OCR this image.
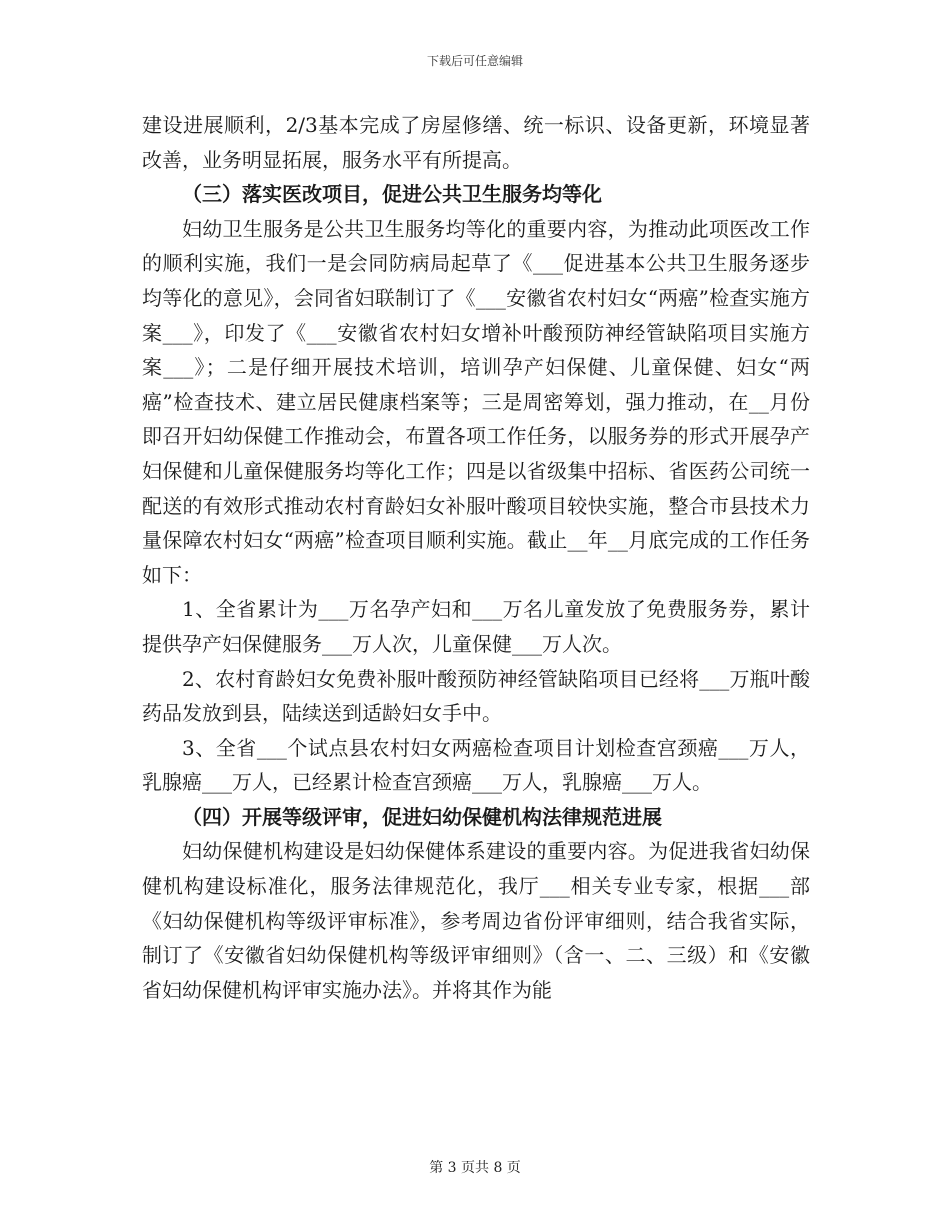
下载后可任意编辑

建设进展顺利，2/3基本完成了房屋修缮、统一标识、设备更新，环境显著改善，业务明显拓展，服务水平有所提高。

（三）落实医改项目，促进公共卫生服务均等化

妇幼卫生服务是公共卫生服务均等化的重要内容，为推动此项医改工作的顺利实施，我们一是会同防病局起草了《___促进基本公共卫生服务逐步均等化的意见》，会同省妇联制订了《___安徽省农村妇女“两癌”检查实施方案___》，印发了《___安徽省农村妇女增补叶酸预防神经管缺陷项目实施方案___》；二是仔细开展技术培训，培训孕产妇保健、儿童保健、妇女“两癌”检查技术、建立居民健康档案等；三是周密筹划，强力推动，在__月份即召开妇幼保健工作推动会，布置各项工作任务，以服务券的形式开展孕产妇保健和儿童保健服务均等化工作；四是以省级集中招标、省医药公司统一配送的有效形式推动农村育龄妇女补服叶酸项目较快实施，整合市县技术力量保障农村妇女“两癌”检查项目顺利实施。截止__年__月底完成的工作任务如下：

1、全省累计为___万名孕产妇和___万名儿童发放了免费服务券，累计提供孕产妇保健服务___万人次，儿童保健___万人次。

2、农村育龄妇女免费补服叶酸预防神经管缺陷项目已经将___万瓶叶酸药品发放到县，陆续送到适龄妇女手中。

3、全省___个试点县农村妇女两癌检查项目计划检查宫颈癌___万人，乳腺癌___万人，已经累计检查宫颈癌___万人，乳腺癌___万人。

（四）开展等级评审，促进妇幼保健机构法律规范进展

妇幼保健机构建设是妇幼保健体系建设的重要内容。为促进我省妇幼保健机构建设标准化，服务法律规范化，我厅___相关专业专家，根据___部《妇幼保健机构等级评审标准》，参考周边省份评审细则，结合我省实际，制订了《安徽省妇幼保健机构等级评审细则》（含一、二、三级）和《安徽省妇幼保健机构评审实施办法》。并将其作为能

第 3 页共 8 页
